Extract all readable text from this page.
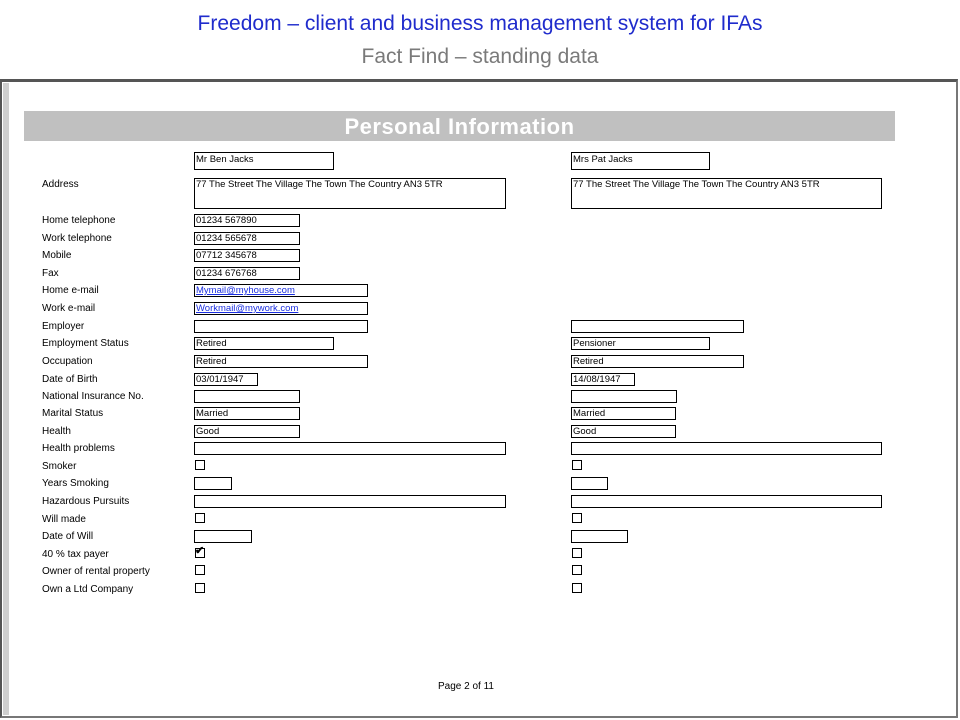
Freedom – client and business management system for IFAs
Fact Find – standing data
Personal Information
Address
Home telephone
Work telephone
Mobile
Fax
Home e-mail
Work e-mail
Employer
Employment Status
Occupation
Date of Birth
National Insurance No.
Marital Status
Health
Health problems
Smoker
Years Smoking
Hazardous Pursuits
Will made
Date of Will
40 % tax payer
Owner of rental property
Own a Ltd Company
Mr Ben Jacks
77 The Street The Village The Town The Country AN3 5TR
01234 567890
01234 565678
07712 345678
01234 676768
Mymail@myhouse.com
Workmail@mywork.com
Retired
Retired
03/01/1947
Married
Good
✔
Mrs Pat Jacks
77 The Street The Village The Town The Country AN3 5TR
Pensioner
Retired
14/08/1947
Married
Good
Page 2 of 11
